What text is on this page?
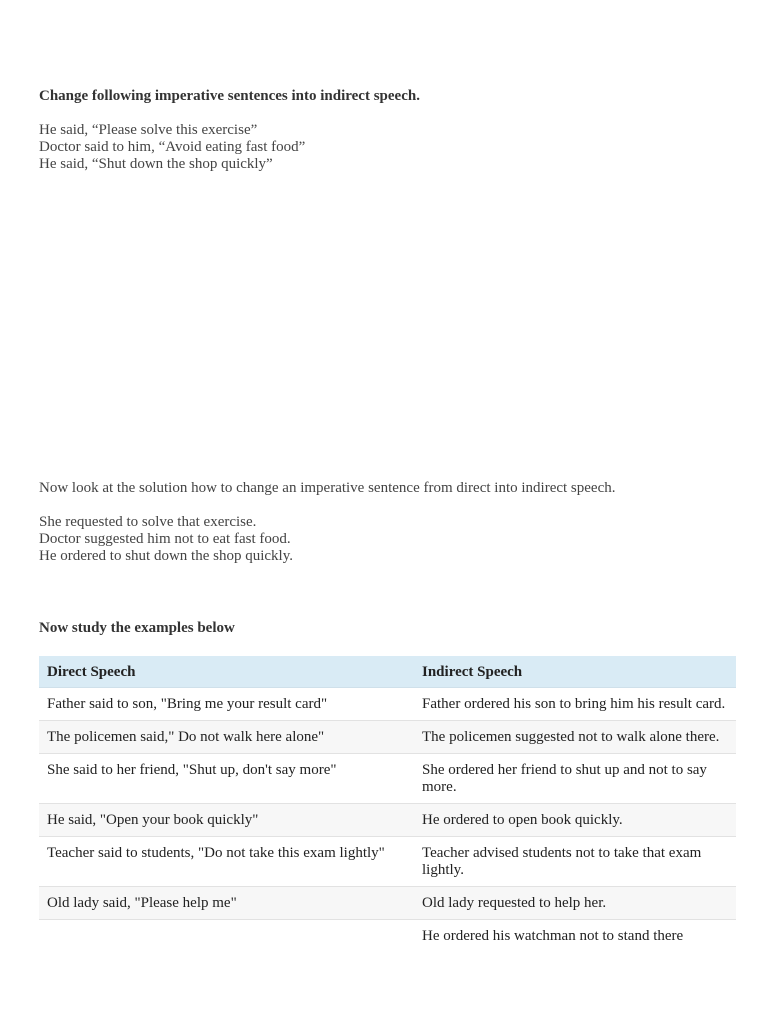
Change following imperative sentences into indirect speech.
He said, “Please solve this exercise”
Doctor said to him, “Avoid eating fast food”
He said, “Shut down the shop quickly”
Now look at the solution how to change an imperative sentence from direct into indirect speech.
She requested to solve that exercise.
Doctor suggested him not to eat fast food.
He ordered to shut down the shop quickly.
Now study the examples below
Direct Speech	Indirect Speech
Father said to son, "Bring me your result card"	Father ordered his son to bring him his result card.
The policemen said," Do not walk here alone"	The policemen suggested not to walk alone there.
She said to her friend, "Shut up, don't say more"	She ordered her friend to shut up and not to say more.
He said, "Open your book quickly"	He ordered to open book quickly.
Teacher said to students, "Do not take this exam lightly"	Teacher advised students not to take that exam lightly.
Old lady said, "Please help me"	Old lady requested to help her.
	He ordered his watchman not to stand there
